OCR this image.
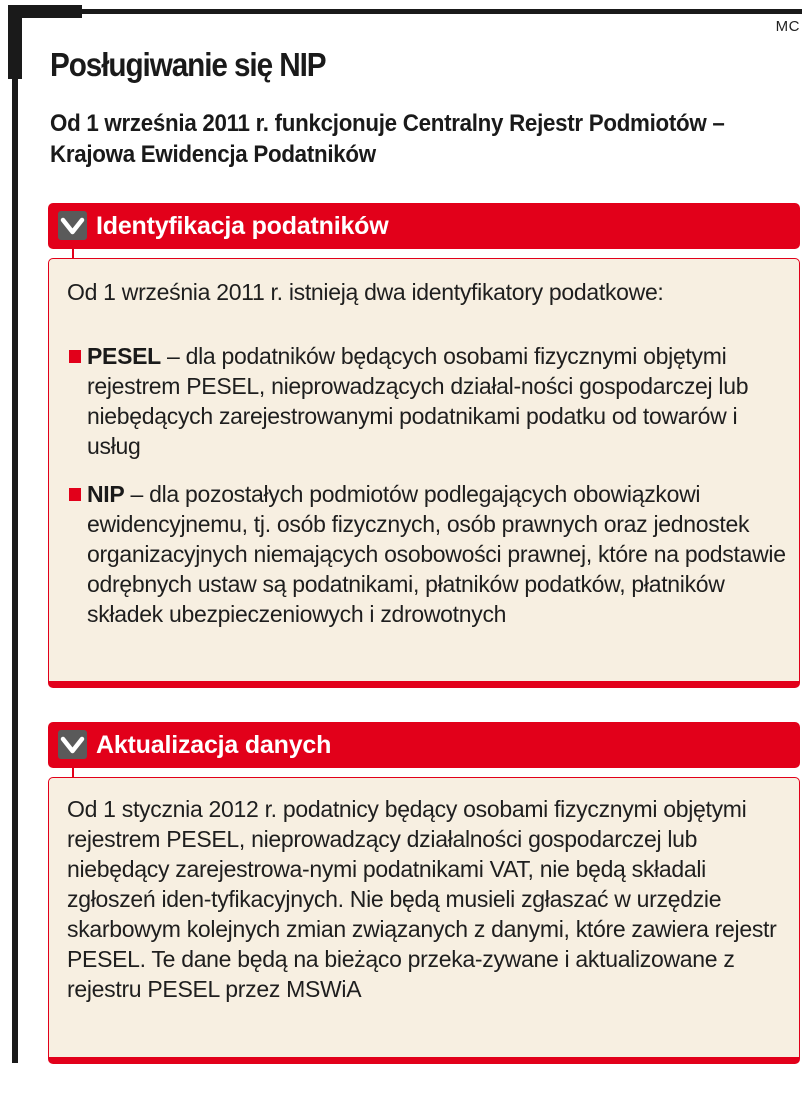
MC
Posługiwanie się NIP

Od 1 września 2011 r. funkcjonuje Centralny Rejestr Podmiotów – Krajowa Ewidencja Podatników

Identyfikacja podatników

Od 1 września 2011 r. istnieją dwa identyfikatory podatkowe:

PESEL – dla podatników będących osobami fizycznymi objętymi rejestrem PESEL, nieprowadzących działal-ności gospodarczej lub niebędących zarejestrowanymi podatnikami podatku od towarów i usług
NIP – dla pozostałych podmiotów podlegających obowiązkowi ewidencyjnemu, tj. osób fizycznych, osób prawnych oraz jednostek organizacyjnych niemających osobowości prawnej, które na podstawie odrębnych ustaw są podatnikami, płatników podatków, płatników składek ubezpieczeniowych i zdrowotnych
Aktualizacja danych

Od 1 stycznia 2012 r. podatnicy będący osobami fizycznymi objętymi rejestrem PESEL, nieprowadzący działalności gospodarczej lub niebędący zarejestrowa-nymi podatnikami VAT, nie będą składali zgłoszeń iden-tyfikacyjnych. Nie będą musieli zgłaszać w urzędzie skarbowym kolejnych zmian związanych z danymi, które zawiera rejestr PESEL. Te dane będą na bieżąco przeka-zywane i aktualizowane z rejestru PESEL przez MSWiA
